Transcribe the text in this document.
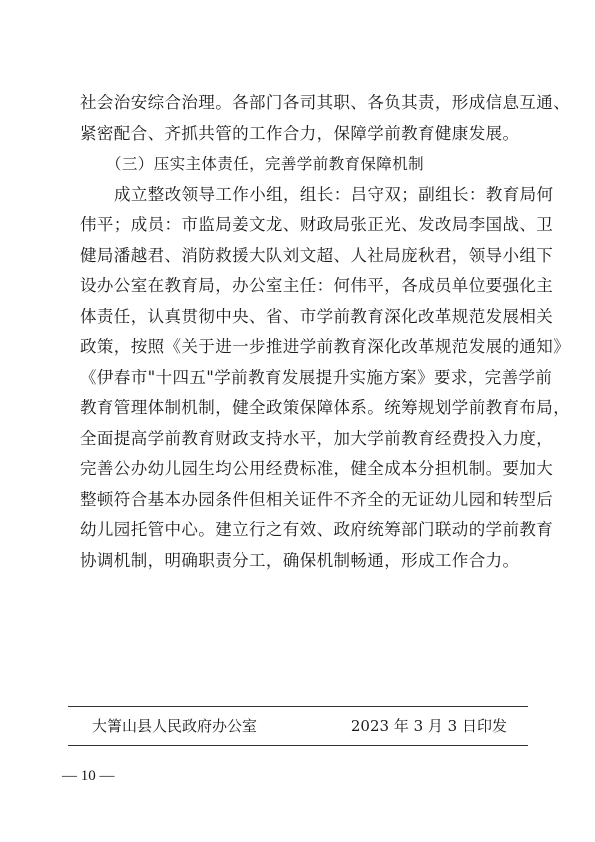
社会治安综合治理。各部门各司其职、各负其责，形成信息互通、
紧密配合、齐抓共管的工作合力，保障学前教育健康发展。
（三）压实主体责任，完善学前教育保障机制
成立整改领导工作小组，组长：吕守双；副组长：教育局何
伟平；成员：市监局姜文龙、财政局张正光、发改局李国战、卫
健局潘越君、消防救援大队刘文超、人社局庞秋君，领导小组下
设办公室在教育局，办公室主任：何伟平，各成员单位要强化主
体责任，认真贯彻中央、省、市学前教育深化改革规范发展相关
政策，按照《关于进一步推进学前教育深化改革规范发展的通知》
《伊春市"十四五"学前教育发展提升实施方案》要求，完善学前
教育管理体制机制，健全政策保障体系。统筹规划学前教育布局，
全面提高学前教育财政支持水平，加大学前教育经费投入力度，
完善公办幼儿园生均公用经费标准，健全成本分担机制。要加大
整顿符合基本办园条件但相关证件不齐全的无证幼儿园和转型后
幼儿园托管中心。建立行之有效、政府统筹部门联动的学前教育
协调机制，明确职责分工，确保机制畅通，形成工作合力。
大箐山县人民政府办公室	2023 年 3 月 3 日印发
— 10 —
